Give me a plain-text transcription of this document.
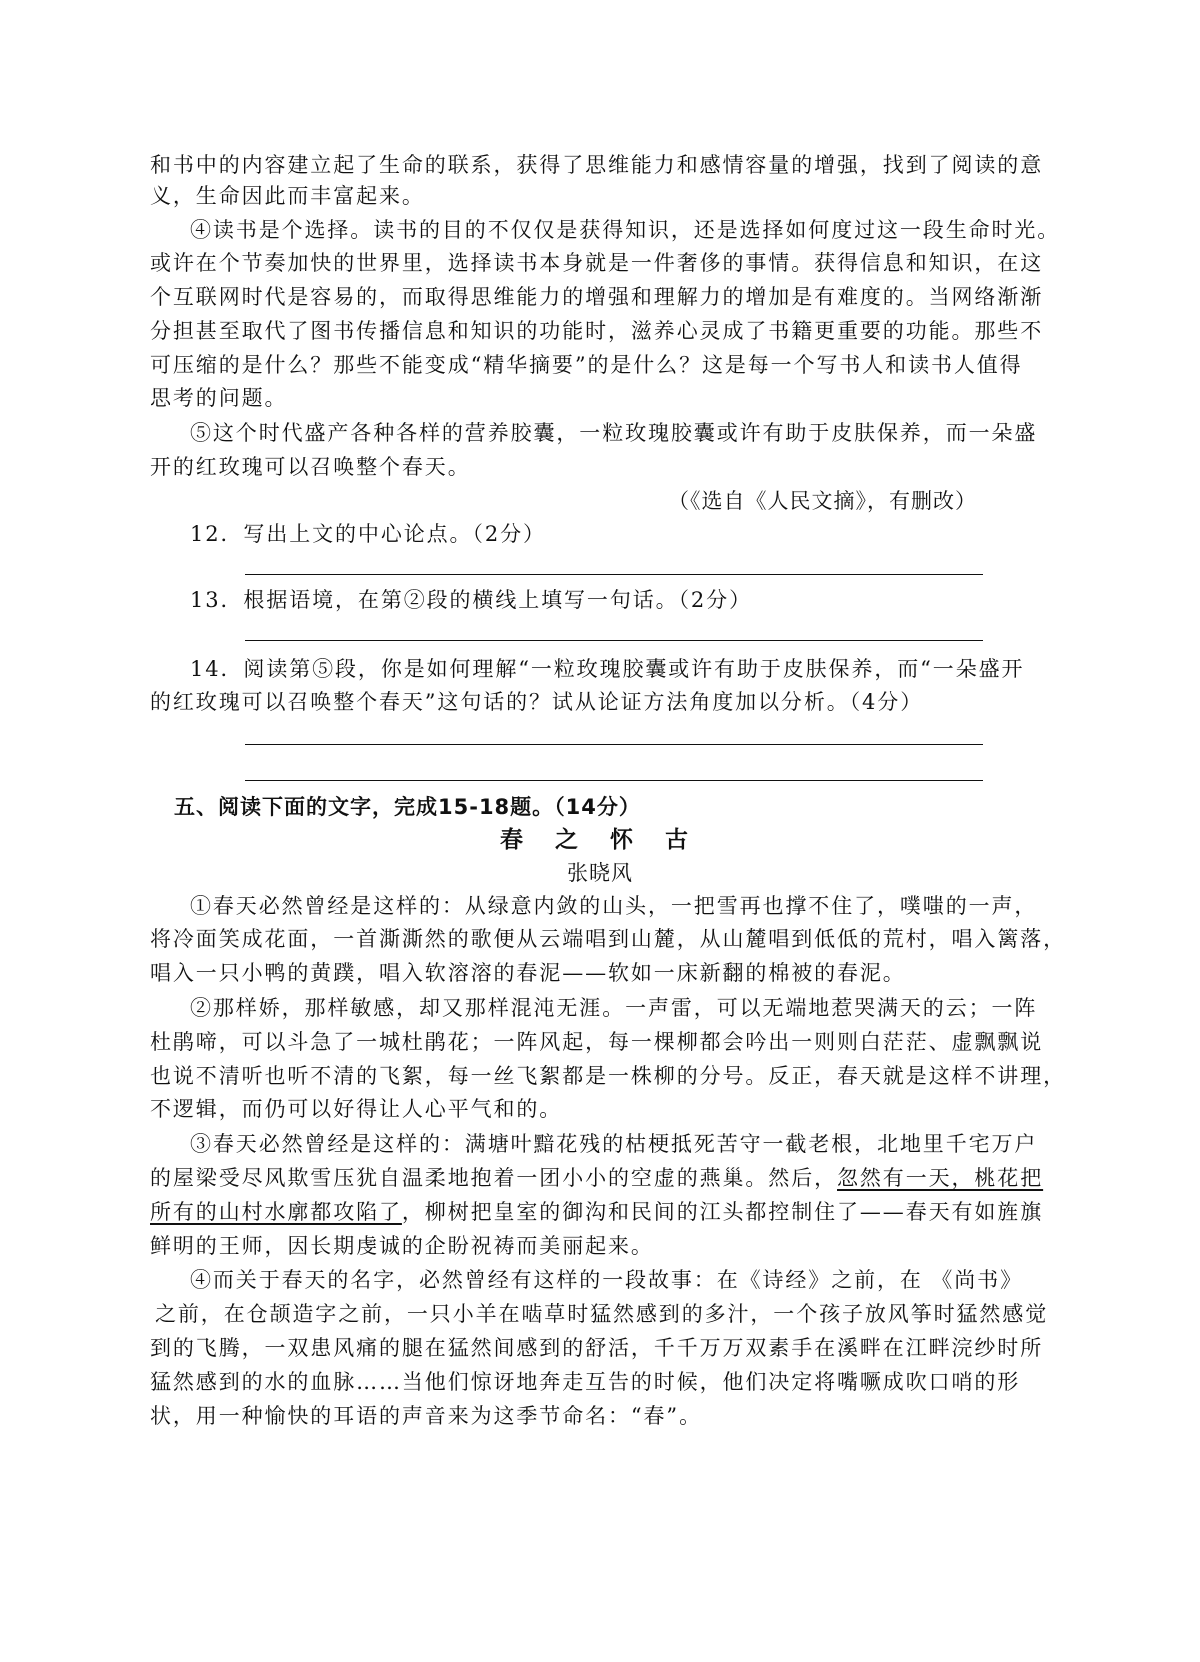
和书中的内容建立起了生命的联系，获得了思维能力和感情容量的增强，找到了阅读的意
义，生命因此而丰富起来。
④读书是个选择。读书的目的不仅仅是获得知识，还是选择如何度过这一段生命时光。
或许在个节奏加快的世界里，选择读书本身就是一件奢侈的事情。获得信息和知识，在这
个互联网时代是容易的，而取得思维能力的增强和理解力的增加是有难度的。当网络渐渐
分担甚至取代了图书传播信息和知识的功能时，滋养心灵成了书籍更重要的功能。那些不
可压缩的是什么？那些不能变成“精华摘要”的是什么？这是每一个写书人和读书人值得
思考的问题。
⑤这个时代盛产各种各样的营养胶囊，一粒玫瑰胶囊或许有助于皮肤保养，而一朵盛
开的红玫瑰可以召唤整个春天。
（《选自《人民文摘》，有删改）
12．写出上文的中心论点。（2分）
13．根据语境，在第②段的横线上填写一句话。（2分）
14．阅读第⑤段，你是如何理解“一粒玫瑰胶囊或许有助于皮肤保养，而“一朵盛开
的红玫瑰可以召唤整个春天”这句话的？试从论证方法角度加以分析。（4分）
五、阅读下面的文字，完成15-18题。（14分）
春 之 怀 古
张晓风
①春天必然曾经是这样的：从绿意内敛的山头，一把雪再也撑不住了，噗嗤的一声，
将冷面笑成花面，一首澌澌然的歌便从云端唱到山麓，从山麓唱到低低的荒村，唱入篱落，
唱入一只小鸭的黄蹼，唱入软溶溶的春泥——软如一床新翻的棉被的春泥。
②那样娇，那样敏感，却又那样混沌无涯。一声雷，可以无端地惹哭满天的云；一阵
杜鹃啼，可以斗急了一城杜鹃花；一阵风起，每一棵柳都会吟出一则则白茫茫、虚飘飘说
也说不清听也听不清的飞絮，每一丝飞絮都是一株柳的分号。反正，春天就是这样不讲理，
不逻辑，而仍可以好得让人心平气和的。
③春天必然曾经是这样的：满塘叶黯花残的枯梗抵死苦守一截老根，北地里千宅万户
的屋梁受尽风欺雪压犹自温柔地抱着一团小小的空虚的燕巢。然后，忽然有一天，桃花把
所有的山村水廓都攻陷了，柳树把皇室的御沟和民间的江头都控制住了——春天有如旌旗
鲜明的王师，因长期虔诚的企盼祝祷而美丽起来。
④而关于春天的名字，必然曾经有这样的一段故事：在《诗经》之前，在 《尚书》
之前，在仓颉造字之前，一只小羊在啮草时猛然感到的多汁，一个孩子放风筝时猛然感觉
到的飞腾，一双患风痛的腿在猛然间感到的舒活，千千万万双素手在溪畔在江畔浣纱时所
猛然感到的水的血脉……当他们惊讶地奔走互告的时候，他们决定将嘴噘成吹口哨的形
状，用一种愉快的耳语的声音来为这季节命名：“春”。
